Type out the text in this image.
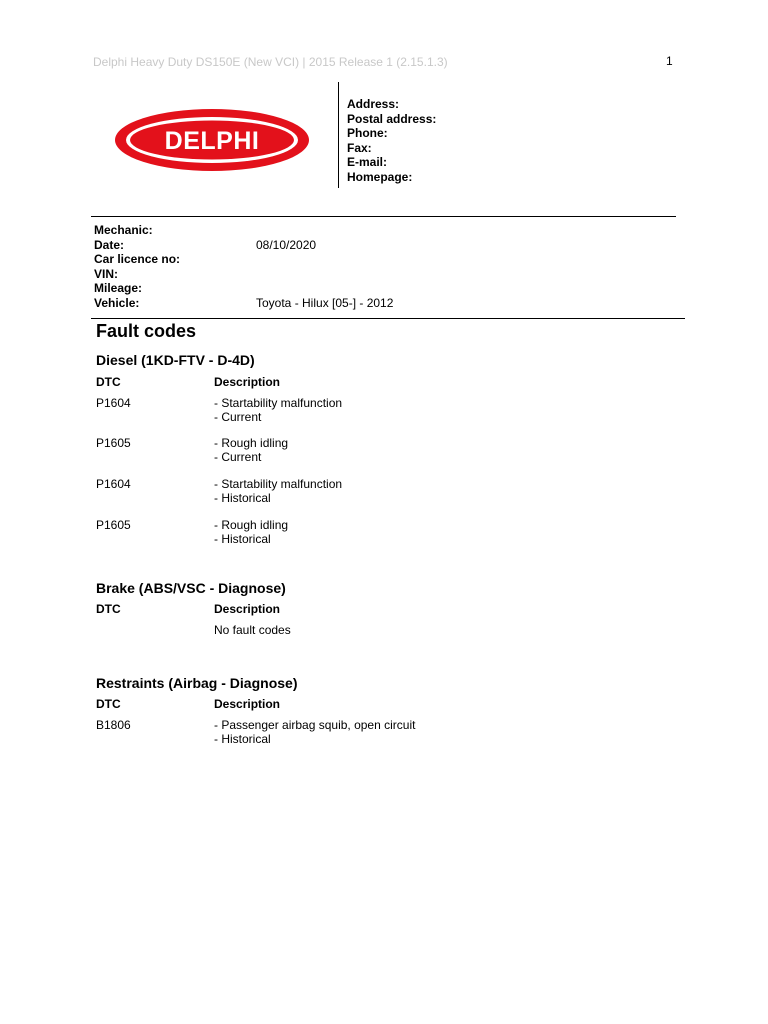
Delphi Heavy Duty DS150E (New VCI) | 2015 Release 1 (2.15.1.3)	1
DELPHI
Address:
Postal address:
Phone:
Fax:
E-mail:
Homepage:
Mechanic:
Date:	08/10/2020
Car licence no:
VIN:
Mileage:
Vehicle:	Toyota - Hilux [05-] - 2012
Fault codes
Diesel (1KD-FTV - D-4D)
DTC	Description
P1604	- Startability malfunction
- Current
P1605	- Rough idling
- Current
P1604	- Startability malfunction
- Historical
P1605	- Rough idling
- Historical
Brake (ABS/VSC - Diagnose)
DTC	Description
No fault codes
Restraints (Airbag - Diagnose)
DTC	Description
B1806	- Passenger airbag squib, open circuit
- Historical
